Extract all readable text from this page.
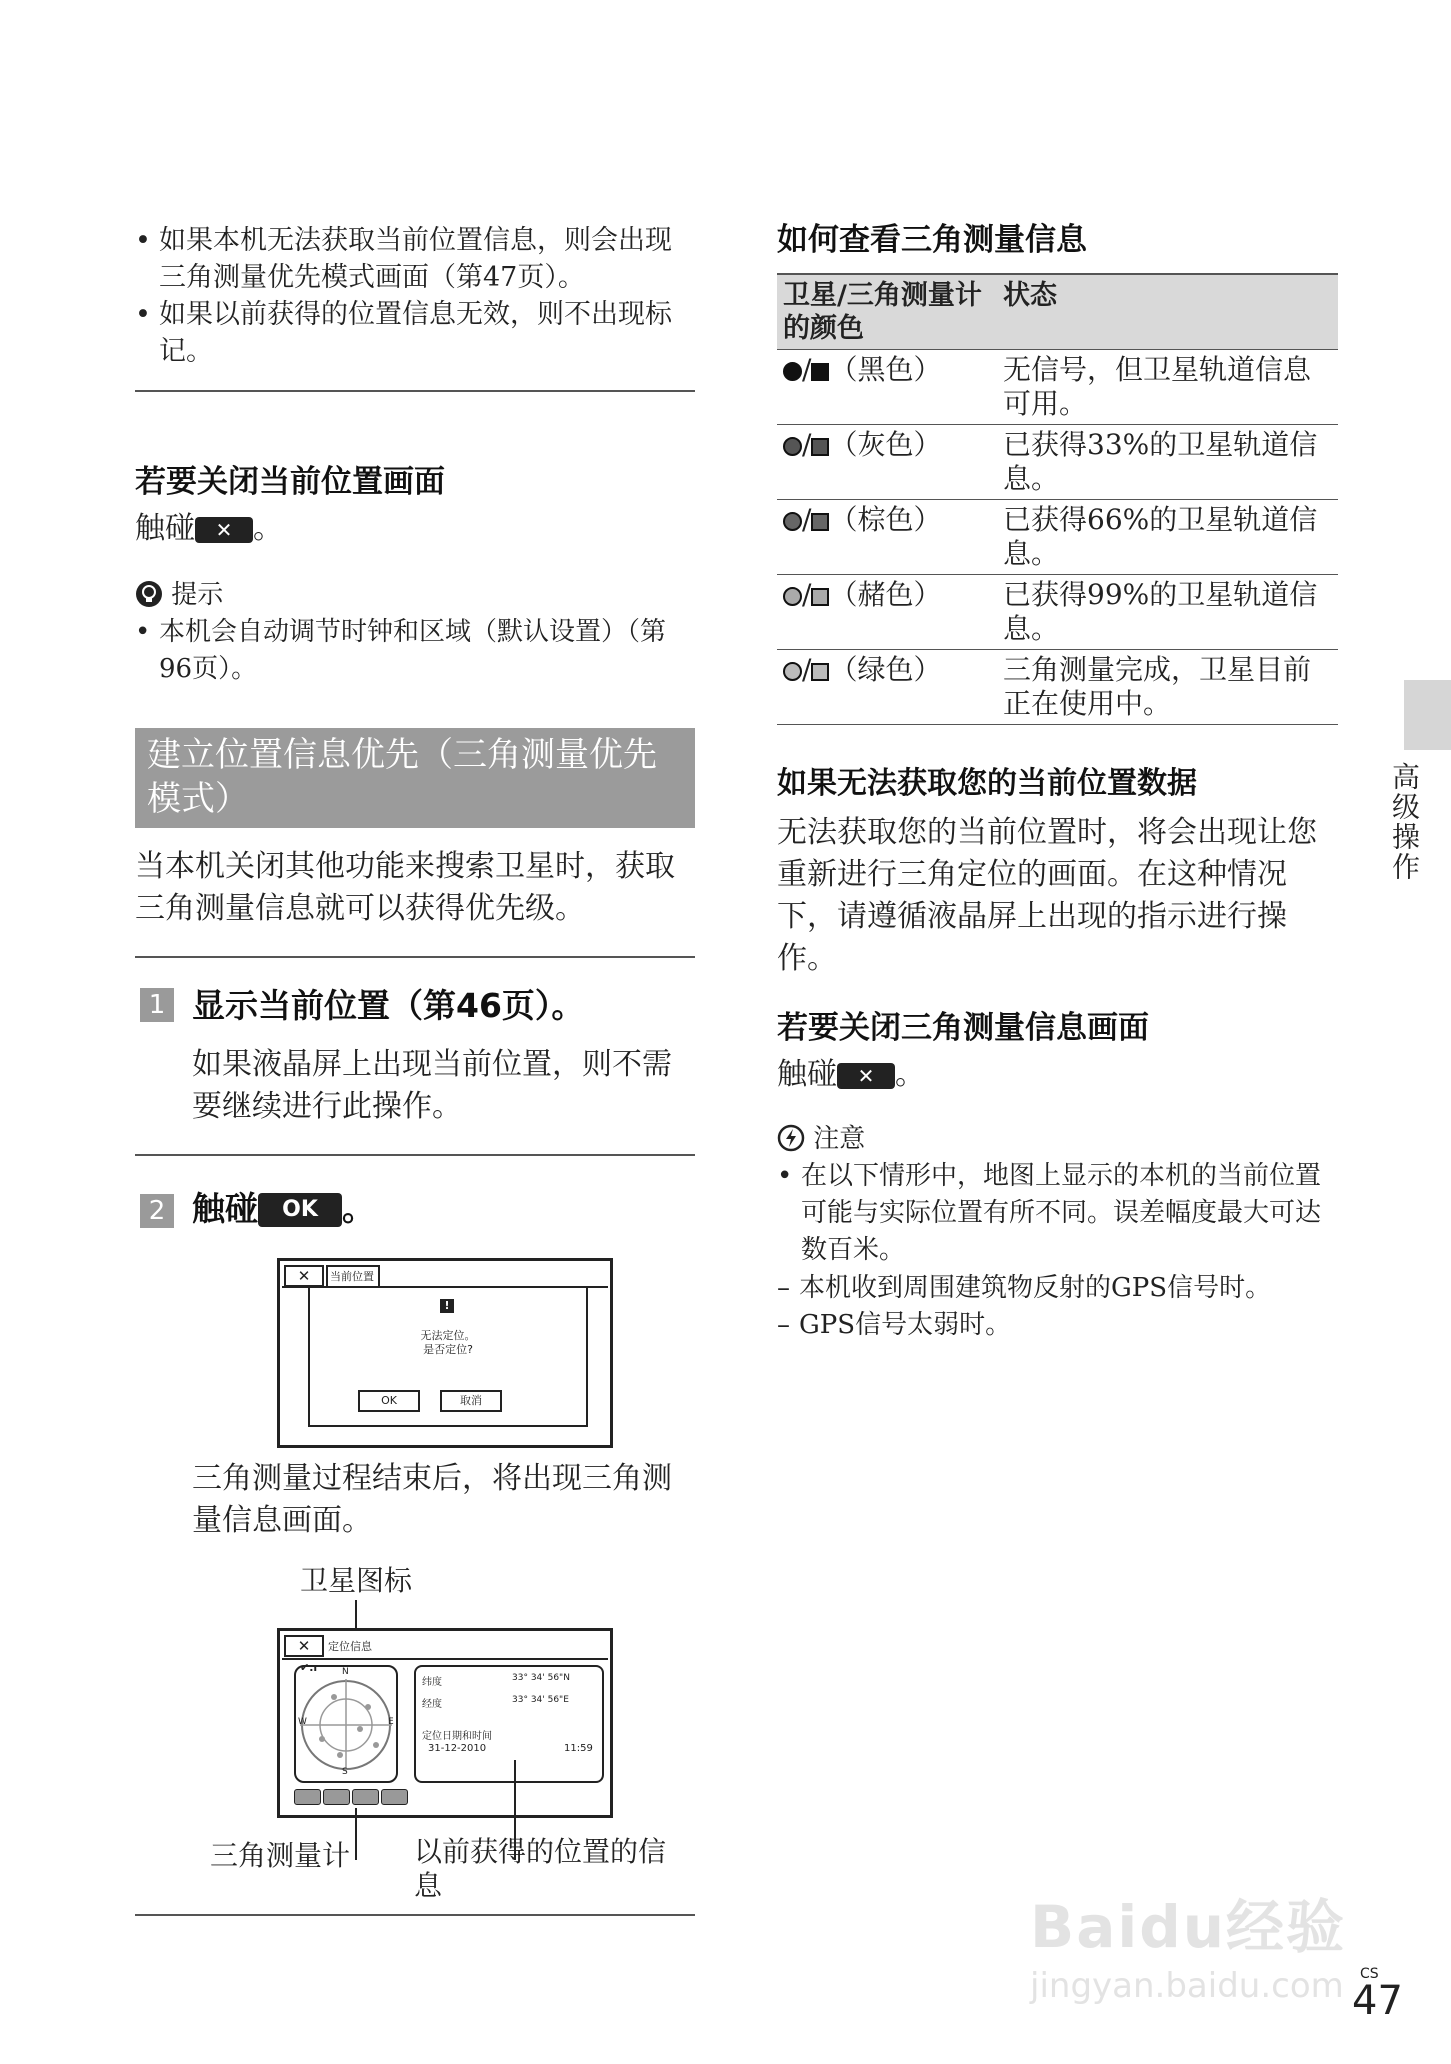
• 如果本机无法获取当前位置信息，则会出现三角测量优先模式画面（第47页）。
• 如果以前获得的位置信息无效，则不出现标记。
若要关闭当前位置画面
触碰 ✕ 。
提示
• 本机会自动调节时钟和区域（默认设置）（第96页）。
建立位置信息优先（三角测量优先模式）
当本机关闭其他功能来搜索卫星时，获取三角测量信息就可以获得优先级。
1 显示当前位置（第46页）。
如果液晶屏上出现当前位置，则不需要继续进行此操作。
2 触碰 OK 。
✕	当前位置
!
无法定位。
是否定位?
OK	取消
三角测量过程结束后，将出现三角测量信息画面。
卫星图标
✕	定位信息
✔.ı	N
S
E
W
纬度	33° 34' 56"N
经度	33° 34' 56"E
定位日期和时间
31-12-2010	11:59
三角测量计 以前获得的位置的信息
如何查看三角测量信息
卫星/三角测量计的颜色	状态
/ （黑色）	无信号，但卫星轨道信息可用。
/ （灰色）	已获得33%的卫星轨道信息。
/ （棕色）	已获得66%的卫星轨道信息。
/ （赭色）	已获得99%的卫星轨道信息。
/ （绿色）	三角测量完成，卫星目前正在使用中。
如果无法获取您的当前位置数据
无法获取您的当前位置时，将会出现让您重新进行三角定位的画面。在这种情况下，请遵循液晶屏上出现的指示进行操作。
若要关闭三角测量信息画面
触碰 ✕ 。
注意
• 在以下情形中，地图上显示的本机的当前位置可能与实际位置有所不同。误差幅度最大可达数百米。
– 本机收到周围建筑物反射的GPS信号时。
– GPS信号太弱时。
高级操作
Baidu经验
jingyan.baidu.com CS
47
